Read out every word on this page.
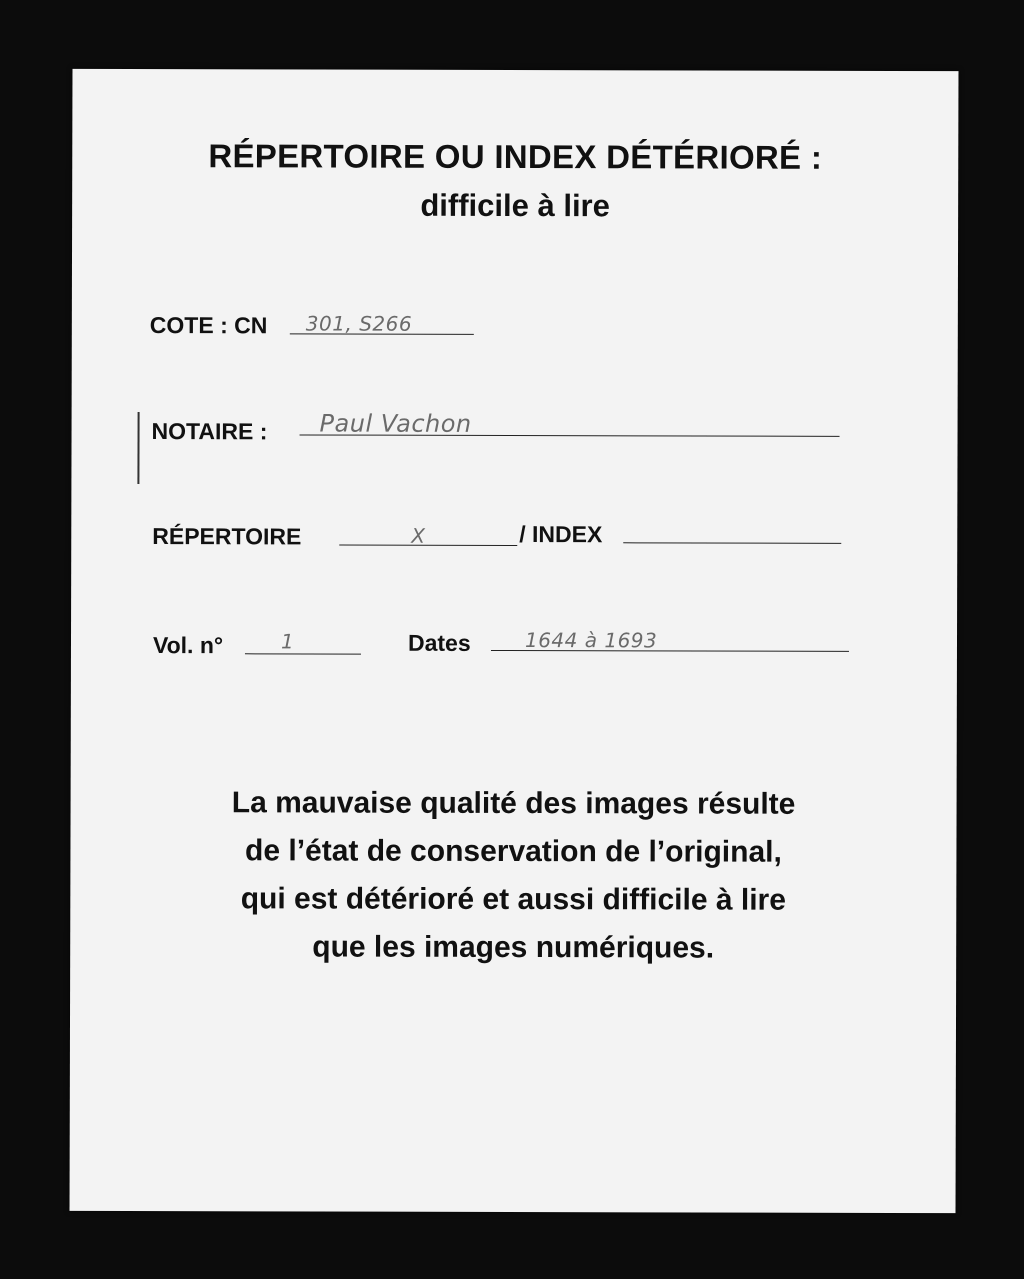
RÉPERTOIRE OU INDEX DÉTÉRIORÉ :
difficile à lire
COTE : CN 301, S266
NOTAIRE : Paul Vachon
RÉPERTOIRE	X	/ INDEX
Vol. n°	1	Dates	1644 à 1693
La mauvaise qualité des images résulte
de l’état de conservation de l’original,
qui est détérioré et aussi difficile à lire
que les images numériques.
